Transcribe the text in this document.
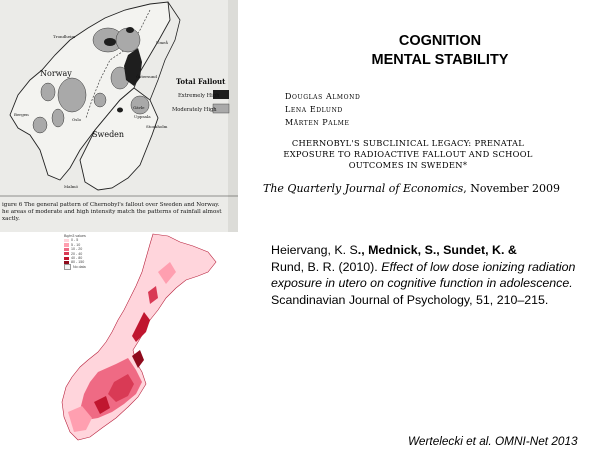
Total Fallout
Extremely High
Moderately High
Norway
Sweden
Trondheim
Umeå
Östersund
Gävle
Uppsala
Stockholm
Oslo
Bergen
Malmö
igure 6 The general pattern of Chernobyl's fallout over Sweden and Norway.
he areas of moderate and high intensity match the patterns of rainfall almost
xactly.
COGNITION
MENTAL STABILITY
Douglas Almond
Lena Edlund
Mårten Palme
CHERNOBYL'S SUBCLINICAL LEGACY: PRENATAL
EXPOSURE TO RADIOACTIVE FALLOUT AND SCHOOL
OUTCOMES IN SWEDEN*
The Quarterly Journal of Economics, November 2009
Bq/m3 values
0 - 5
5 - 10
10 - 20
20 - 40
40 - 80
80 - 150
No data
Heiervang, K. S., Mednick, S., Sundet, K. &
Rund, B. R. (2010). Effect of low dose ionizing radiation exposure in utero on cognitive function in adolescence.
Scandinavian Journal of Psychology, 51, 210–215.
Wertelecki et al. OMNI-Net 2013
